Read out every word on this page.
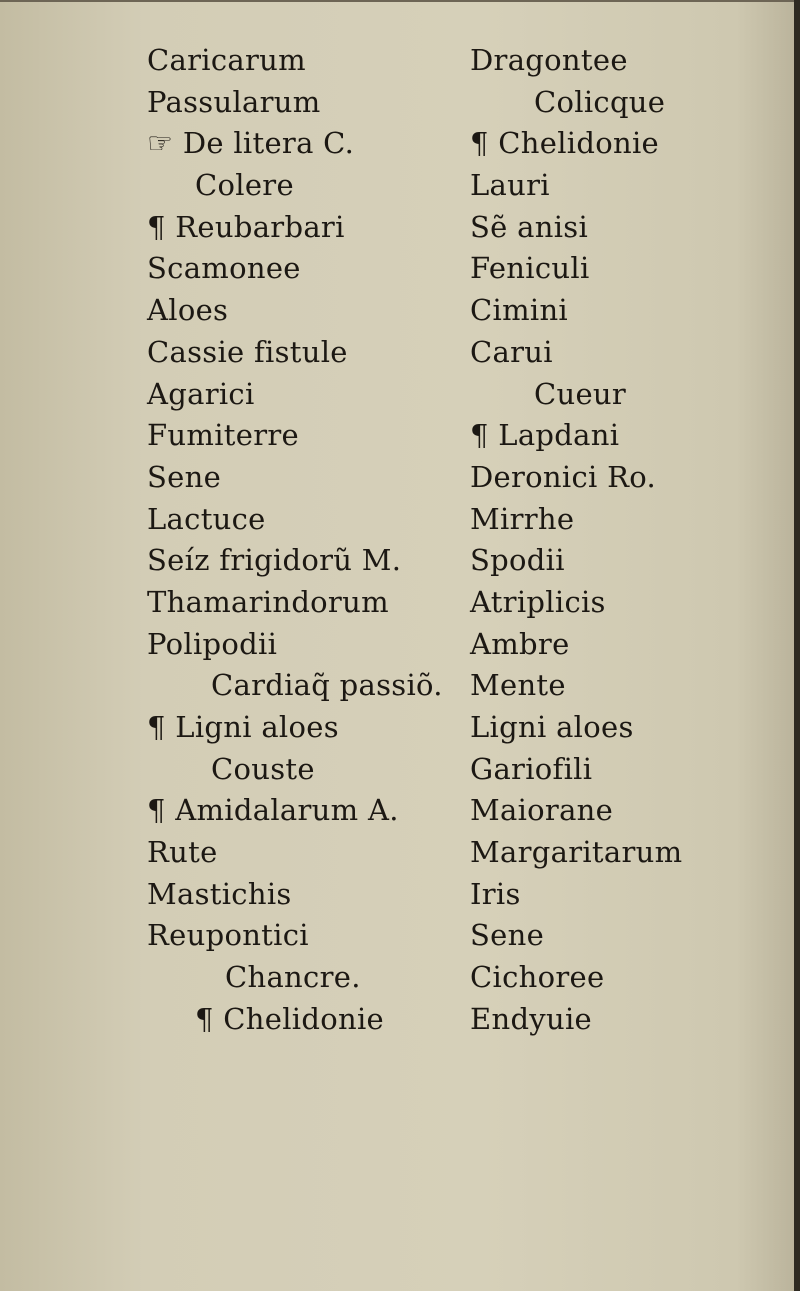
Caricarum
Passularum
☞ De litera C.
Colere
¶ Reubarbari
Scamonee
Aloes
Cassie fistule
Agarici
Fumiterre
Sene
Lactuce
Seíz frigidorũ M.
Thamarindorum
Polipodii
Cardiaq̃ passiõ.
¶ Ligni aloes
Couste
¶ Amidalarum A.
Rute
Mastichis
Reupontici
Chancre.
¶ Chelidonie
Dragontee
Colicque
¶ Chelidonie
Lauri
Sẽ anisi
Feniculi
Cimini
Carui
Cueur
¶ Lapdani
Deronici Ro.
Mirrhe
Spodii
Atriplicis
Ambre
Mente
Ligni aloes
Gariofili
Maiorane
Margaritarum
Iris
Sene
Cichoree
Endyuie
